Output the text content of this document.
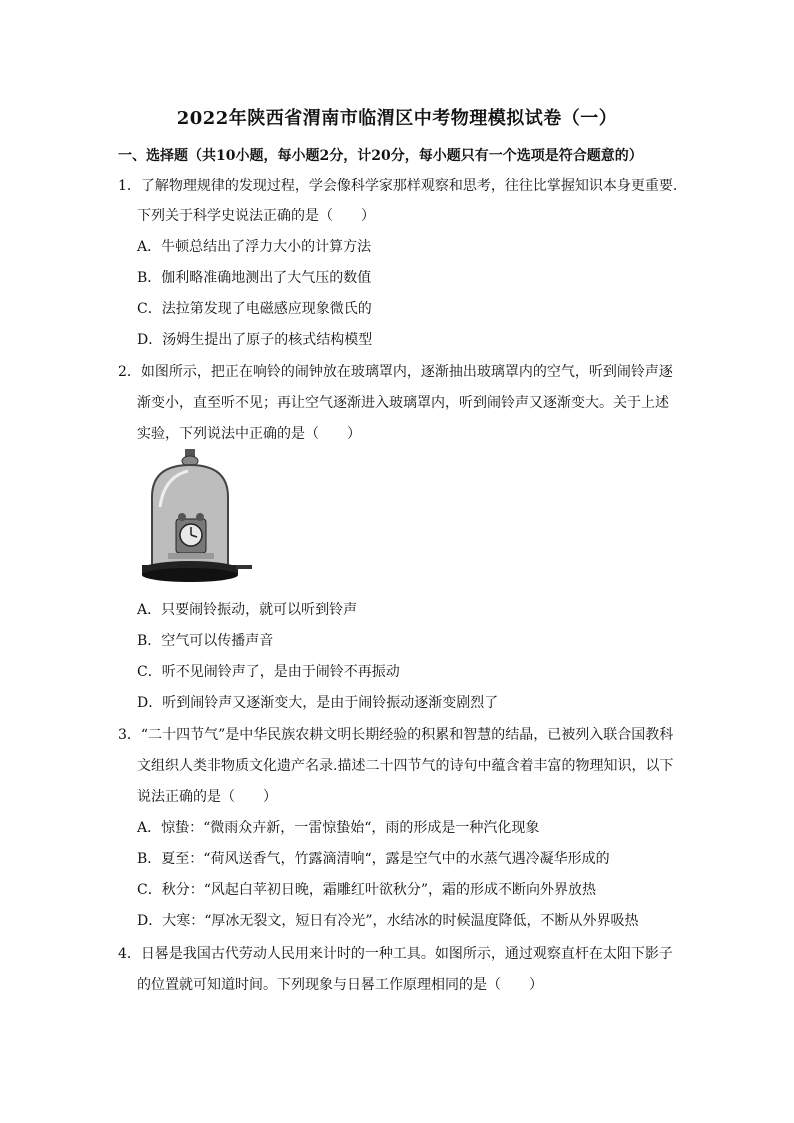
2022年陕西省渭南市临渭区中考物理模拟试卷（一）
一、选择题（共10小题，每小题2分，计20分，每小题只有一个选项是符合题意的）
1．了解物理规律的发现过程，学会像科学家那样观察和思考，往往比掌握知识本身更重要.
下列关于科学史说法正确的是（　　）
A．牛顿总结出了浮力大小的计算方法
B．伽利略准确地测出了大气压的数值
C．法拉第发现了电磁感应现象微氏的
D．汤姆生提出了原子的核式结构模型
2．如图所示，把正在响铃的闹钟放在玻璃罩内，逐渐抽出玻璃罩内的空气，听到闹铃声逐
渐变小，直至听不见；再让空气逐渐进入玻璃罩内，听到闹铃声又逐渐变大。关于上述
实验，下列说法中正确的是（　　）
A．只要闹铃振动，就可以听到铃声
B．空气可以传播声音
C．听不见闹铃声了，是由于闹铃不再振动
D．听到闹铃声又逐渐变大，是由于闹铃振动逐渐变剧烈了
3．“二十四节气”是中华民族农耕文明长期经验的积累和智慧的结晶，已被列入联合国教科
文组织人类非物质文化遗产名录.描述二十四节气的诗句中蕴含着丰富的物理知识，以下
说法正确的是（　　）
A．惊蛰：“微雨众卉新，一雷惊蛰始“，雨的形成是一种汽化现象
B．夏至：“荷风送香气，竹露滴清响“，露是空气中的水蒸气遇冷凝华形成的
C．秋分：“风起白苹初日晚，霜雕红叶欲秋分”，霜的形成不断向外界放热
D．大寒：“厚冰无裂文，短日有冷光”，水结冰的时候温度降低，不断从外界吸热
4．日晷是我国古代劳动人民用来计时的一种工具。如图所示，通过观察直杆在太阳下影子
的位置就可知道时间。下列现象与日晷工作原理相同的是（　　）
